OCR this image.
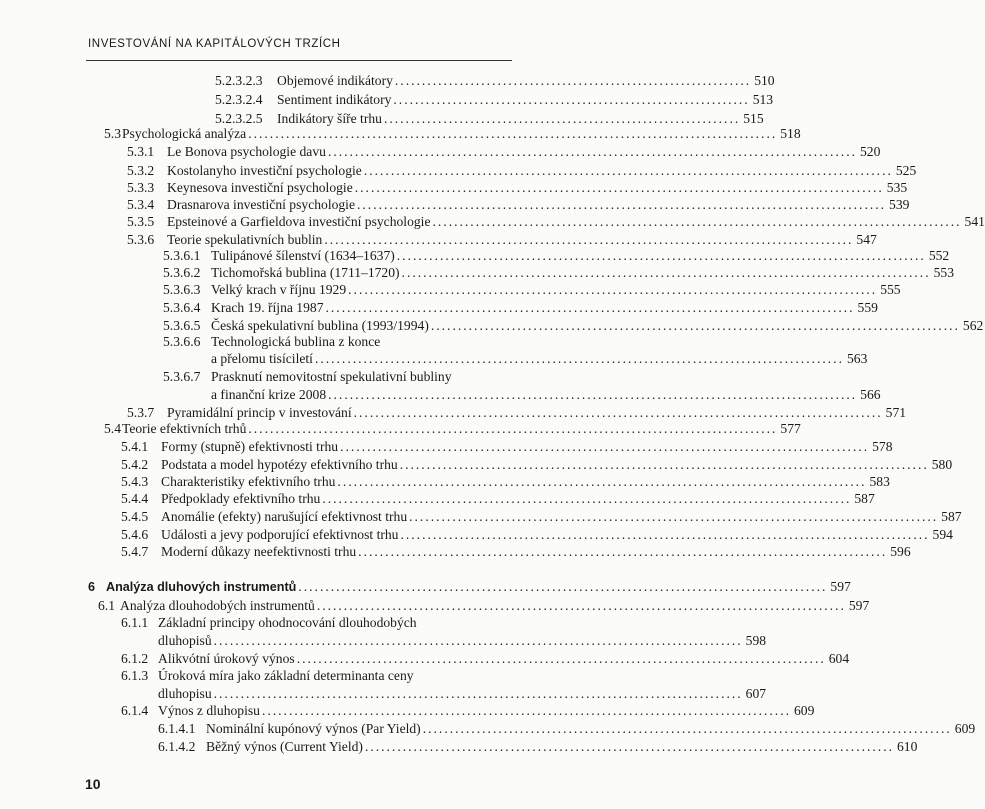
INVESTOVÁNÍ NA KAPITÁLOVÝCH TRZÍCH
5.2.3.2.3	Objemové indikátory .................................................................. 510
5.2.3.2.4	Sentiment indikátory .................................................................. 513
5.2.3.2.5	Indikátory šíře trhu .................................................................. 515
5.3 Psychologická analýza .................................................................................................. 518
5.3.1 Le Bonova psychologie davu .................................................................................................. 520
5.3.2 Kostolanyho investiční psychologie .................................................................................................. 525
5.3.3 Keynesova investiční psychologie .................................................................................................. 535
5.3.4 Drasnarova investiční psychologie .................................................................................................. 539
5.3.5 Epsteinové a Garfieldova investiční psychologie .................................................................................................. 541
5.3.6 Teorie spekulativních bublin .................................................................................................. 547
5.3.6.1 Tulipánové šílenství (1634–1637) .................................................................................................. 552
5.3.6.2 Tichomořská bublina (1711–1720) .................................................................................................. 553
5.3.6.3 Velký krach v říjnu 1929 .................................................................................................. 555
5.3.6.4 Krach 19. října 1987 .................................................................................................. 559
5.3.6.5 Česká spekulativní bublina (1993/1994) .................................................................................................. 562
5.3.6.6 Technologická bublina z konce
a přelomu tisíciletí .................................................................................................. 563
5.3.6.7 Prasknutí nemovitostní spekulativní bubliny
a finanční krize 2008 .................................................................................................. 566
5.3.7 Pyramidální princip v investování .................................................................................................. 571
5.4 Teorie efektivních trhů .................................................................................................. 577
5.4.1 Formy (stupně) efektivnosti trhu .................................................................................................. 578
5.4.2 Podstata a model hypotézy efektivního trhu .................................................................................................. 580
5.4.3 Charakteristiky efektivního trhu .................................................................................................. 583
5.4.4 Předpoklady efektivního trhu .................................................................................................. 587
5.4.5 Anomálie (efekty) narušující efektivnost trhu .................................................................................................. 587
5.4.6 Události a jevy podporující efektivnost trhu .................................................................................................. 594
5.4.7 Moderní důkazy neefektivnosti trhu .................................................................................................. 596
6 Analýza dluhových instrumentů .................................................................................................. 597
6.1 Analýza dlouhodobých instrumentů .................................................................................................. 597
6.1.1 Základní principy ohodnocování dlouhodobých
dluhopisů .................................................................................................. 598
6.1.2 Alikvótní úrokový výnos .................................................................................................. 604
6.1.3 Úroková míra jako základní determinanta ceny
dluhopisu .................................................................................................. 607
6.1.4 Výnos z dluhopisu .................................................................................................. 609
6.1.4.1 Nominální kupónový výnos (Par Yield) .................................................................................................. 609
6.1.4.2 Běžný výnos (Current Yield) .................................................................................................. 610
10
